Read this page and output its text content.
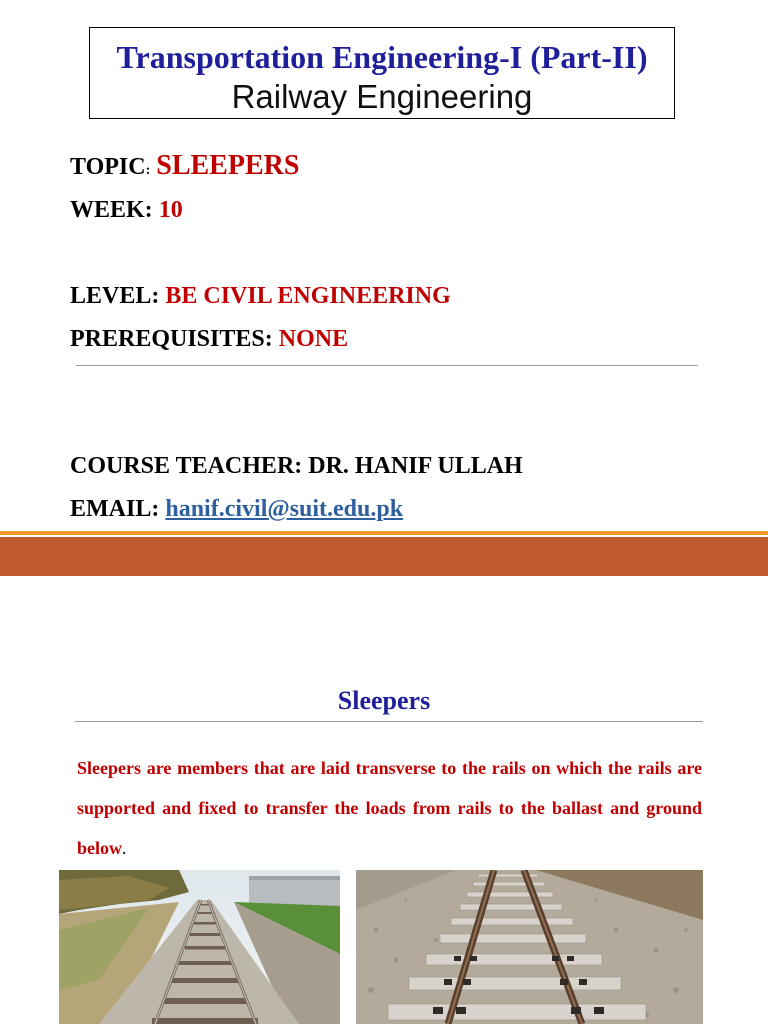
Transportation Engineering-I (Part-II) Railway Engineering
TOPIC: SLEEPERS
WEEK: 10
LEVEL: BE CIVIL ENGINEERING
PREREQUISITES: NONE
COURSE TEACHER: DR. HANIF ULLAH
EMAIL: hanif.civil@suit.edu.pk
Sleepers
Sleepers are members that are laid transverse to the rails on which the rails are supported and fixed to transfer the loads from rails to the ballast and ground below.
